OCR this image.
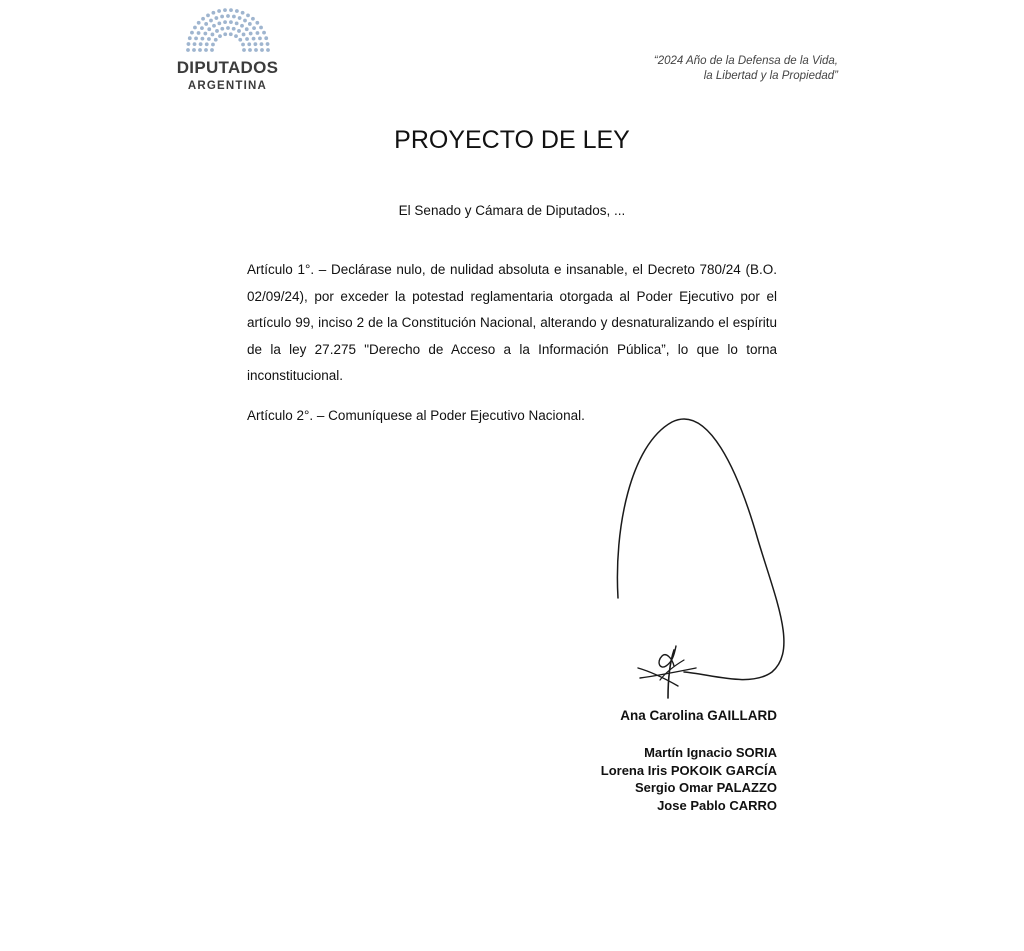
DIPUTADOS
ARGENTINA
“2024 Año de la Defensa de la Vida,
la Libertad y la Propiedad”
PROYECTO DE LEY
El Senado y Cámara de Diputados, ...

Artículo 1°. – Declárase nulo, de nulidad absoluta e insanable, el Decreto 780/24 (B.O. 02/09/24), por exceder la potestad reglamentaria otorgada al Poder Ejecutivo por el artículo 99, inciso 2 de la Constitución Nacional, alterando y desnaturalizando el espíritu de la ley 27.275 "Derecho de Acceso a la Información Pública”, lo que lo torna inconstitucional.

Artículo 2°. – Comuníquese al Poder Ejecutivo Nacional.

Ana Carolina GAILLARD
Martín Ignacio SORIA
Lorena Iris POKOIK GARCÍA
Sergio Omar PALAZZO
Jose Pablo CARRO
